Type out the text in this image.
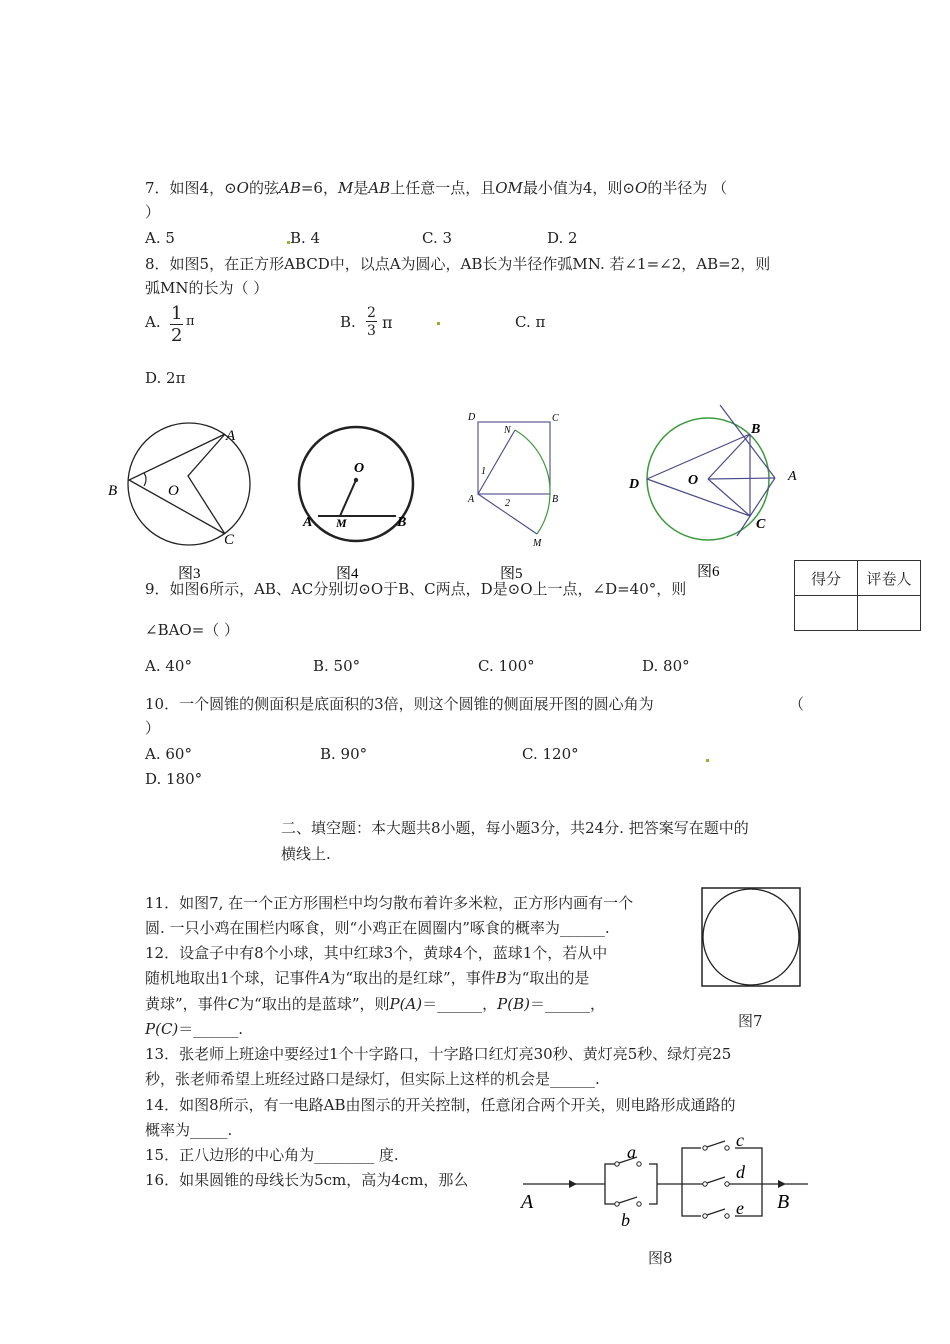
7．如图4，⊙O的弦AB=6，M是AB上任意一点，且OM最小值为4，则⊙O的半径为 （
）
A. 5	B. 4	C. 3	D. 2
8．如图5，在正方形ABCD中，以点A为圆心，AB长为半径作弧MN. 若∠1=∠2，AB=2，则
弧MN的长为（ ）
A. $\frac{1}{2}$ π	B. $\frac{2}{3}$ π	C. π
D. 2π
A
B	O
C
图3
O
A M	B
图4
D	C
N
1
A	2	B
M
图5
B
D	O	A
C
图6	得分	评卷人

9．如图6所示，AB、AC分别切⊙O于B、C两点，D是⊙O上一点，∠D=40°，则
∠BAO=（ ）
A. 40°	B. 50°	C. 100°	D. 80°
10．一个圆锥的侧面积是底面积的3倍，则这个圆锥的侧面展开图的圆心角为	（
）
A. 60°	B. 90°	C. 120°
D. 180°
二、填空题：本大题共8小题，每小题3分，共24分. 把答案写在题中的
横线上.
11．如图7, 在一个正方形围栏中均匀散布着许多米粒，正方形内画有一个
圆. 一只小鸡在围栏内啄食，则“小鸡正在圆圈内”啄食的概率为______.
图7
12．设盒子中有8个小球，其中红球3个，黄球4个，蓝球1个，若从中
随机地取出1个球，记事件A为“取出的是红球”，事件B为“取出的是
黄球”，事件C为“取出的是蓝球”，则P(A)＝______，P(B)＝______，
P(C)＝______.
13．张老师上班途中要经过1个十字路口，十字路口红灯亮30秒、黄灯亮5秒、绿灯亮25
秒，张老师希望上班经过路口是绿灯，但实际上这样的机会是______.
14．如图8所示，有一电路AB由图示的开关控制，任意闭合两个开关，则电路形成通路的
概率为_____.
15．正八边形的中心角为________ 度.
16．如果圆锥的母线长为5cm，高为4cm，那么
A	B
a
b
c
d
e
图8
